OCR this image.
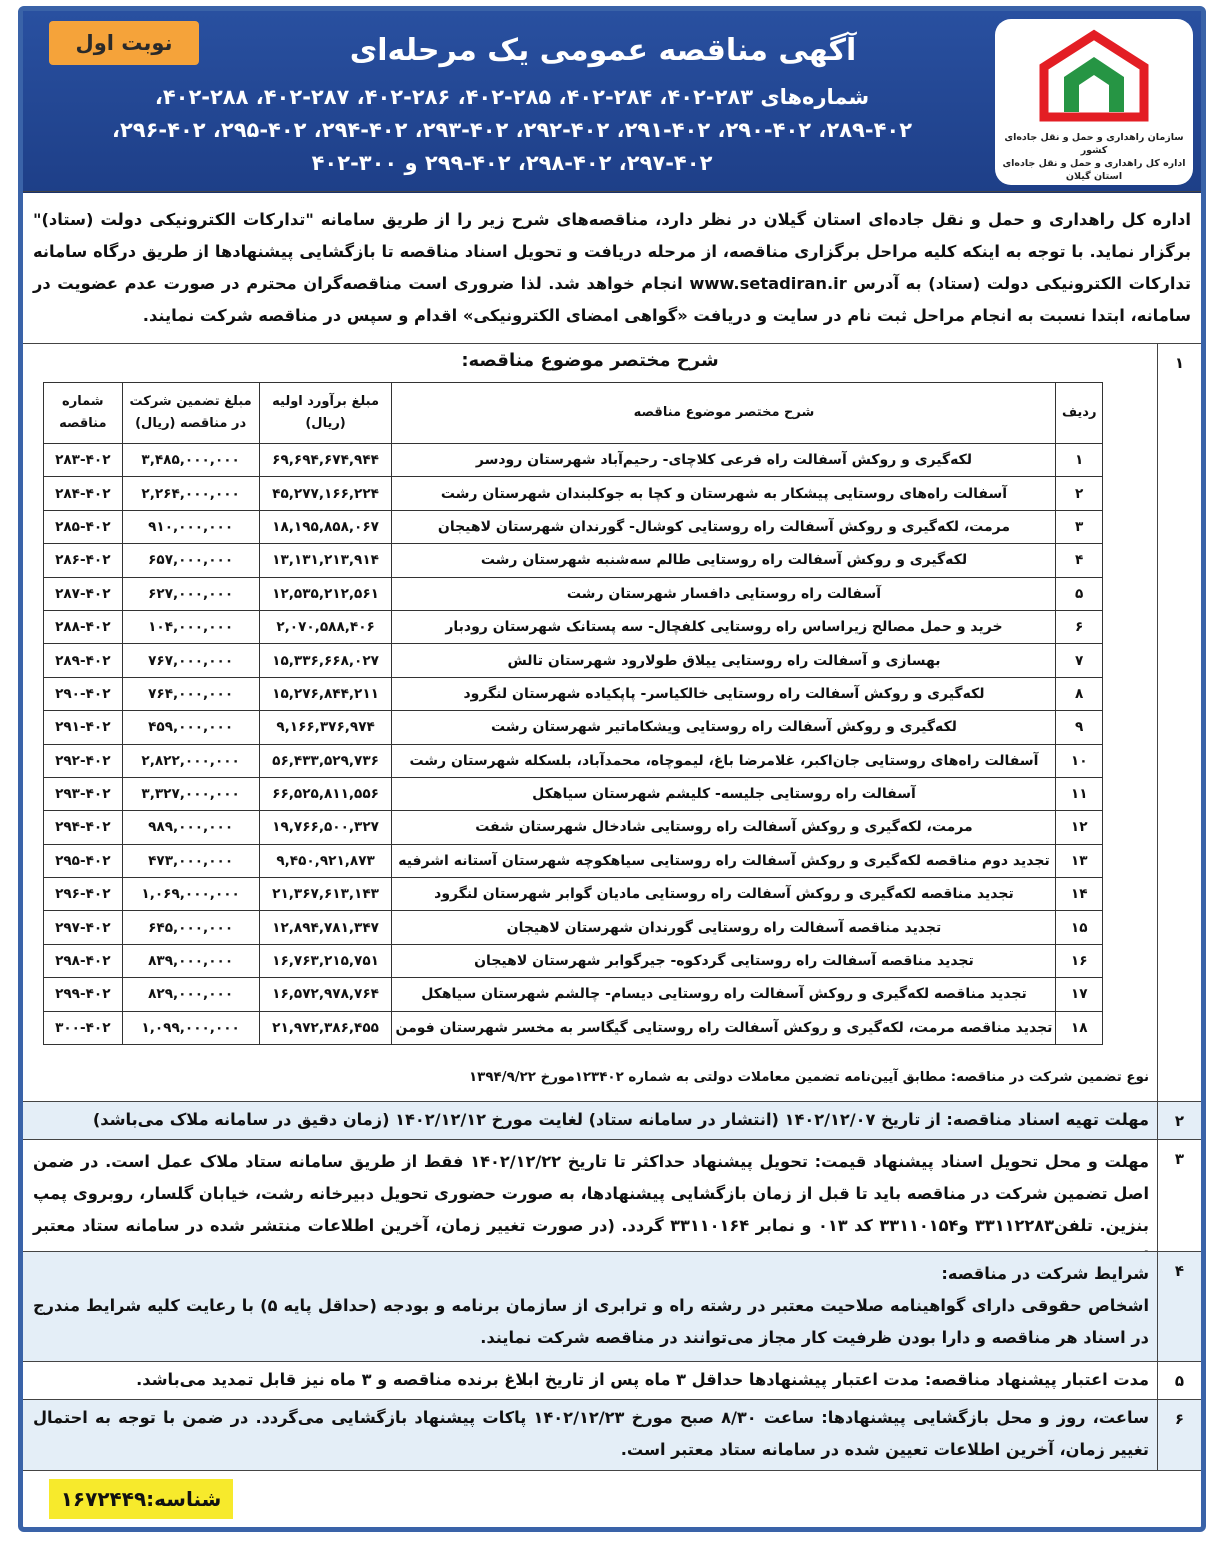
نوبت اول	آگهی مناقصه عمومی یک مرحله‌ای
شماره‌های ۲۸۳-۴۰۲، ۲۸۴-۴۰۲، ۲۸۵-۴۰۲، ۲۸۶-۴۰۲، ۲۸۷-۴۰۲، ۲۸۸-۴۰۲،
۲۸۹-۴۰۲، ۲۹۰-۴۰۲، ۲۹۱-۴۰۲، ۲۹۲-۴۰۲، ۲۹۳-۴۰۲، ۲۹۴-۴۰۲، ۲۹۵-۴۰۲، ۲۹۶-۴۰۲،
۲۹۷-۴۰۲، ۲۹۸-۴۰۲، ۲۹۹-۴۰۲ و ۳۰۰-۴۰۲
سازمان راهداری و حمل و نقل جاده‌ای کشور
اداره کل راهداری و حمل و نقل جاده‌ای
استان گیلان
اداره کل راهداری و حمل و نقل جاده‌ای استان گیلان در نظر دارد، مناقصه‌های شرح زیر را از طریق سامانه "تدارکات الکترونیکی دولت (ستاد)" برگزار نماید. با توجه به اینکه کلیه مراحل برگزاری مناقصه، از مرحله دریافت و تحویل اسناد مناقصه تا بازگشایی پیشنهادها از طریق درگاه سامانه تدارکات الکترونیکی دولت (ستاد) به آدرس www.setadiran.ir انجام خواهد شد. لذا ضروری است مناقصه‌گران محترم در صورت عدم عضویت در سامانه، ابتدا نسبت به انجام مراحل ثبت نام در سایت و دریافت «گواهی امضای الکترونیکی» اقدام و سپس در مناقصه شرکت نمایند.
۱
شرح مختصر موضوع مناقصه:
ردیف	شرح مختصر موضوع مناقصه	مبلغ برآورد اولیه (ریال)	مبلغ تضمین شرکت در مناقصه (ریال)	شماره مناقصه
۱	لکه‌گیری و روکش آسفالت راه فرعی کلاچای- رحیم‌آباد شهرستان رودسر	۶۹,۶۹۴,۶۷۴,۹۴۴	۳,۴۸۵,۰۰۰,۰۰۰	۲۸۳-۴۰۲
۲	آسفالت راه‌های روستایی پیشکار به شهرستان و کچا به جوکلبندان شهرستان رشت	۴۵,۲۷۷,۱۶۶,۲۲۴	۲,۲۶۴,۰۰۰,۰۰۰	۲۸۴-۴۰۲
۳	مرمت، لکه‌گیری و روکش آسفالت راه روستایی کوشال- گورندان شهرستان لاهیجان	۱۸,۱۹۵,۸۵۸,۰۶۷	۹۱۰,۰۰۰,۰۰۰	۲۸۵-۴۰۲
۴	لکه‌گیری و روکش آسفالت راه روستایی طالم سه‌شنبه شهرستان رشت	۱۳,۱۳۱,۲۱۳,۹۱۴	۶۵۷,۰۰۰,۰۰۰	۲۸۶-۴۰۲
۵	آسفالت راه روستایی دافسار شهرستان رشت	۱۲,۵۳۵,۲۱۲,۵۶۱	۶۲۷,۰۰۰,۰۰۰	۲۸۷-۴۰۲
۶	خرید و حمل مصالح زیراساس راه روستایی کلفچال- سه پستانک شهرستان رودبار	۲,۰۷۰,۵۸۸,۴۰۶	۱۰۴,۰۰۰,۰۰۰	۲۸۸-۴۰۲
۷	بهسازی و آسفالت راه روستایی ییلاق طولارود شهرستان تالش	۱۵,۳۳۶,۶۶۸,۰۲۷	۷۶۷,۰۰۰,۰۰۰	۲۸۹-۴۰۲
۸	لکه‌گیری و روکش آسفالت راه روستایی خالکیاسر- پاپکیاده شهرستان لنگرود	۱۵,۲۷۶,۸۴۴,۲۱۱	۷۶۴,۰۰۰,۰۰۰	۲۹۰-۴۰۲
۹	لکه‌گیری و روکش آسفالت راه روستایی ویشکاماتیر شهرستان رشت	۹,۱۶۶,۳۷۶,۹۷۴	۴۵۹,۰۰۰,۰۰۰	۲۹۱-۴۰۲
۱۰	آسفالت راه‌های روستایی جان‌اکبر، غلامرضا باغ، لیموچاه، محمدآباد، بلسکله شهرستان رشت	۵۶,۴۳۳,۵۲۹,۷۳۶	۲,۸۲۲,۰۰۰,۰۰۰	۲۹۲-۴۰۲
۱۱	آسفالت راه روستایی جلیسه- کلیشم شهرستان سیاهکل	۶۶,۵۲۵,۸۱۱,۵۵۶	۳,۳۲۷,۰۰۰,۰۰۰	۲۹۳-۴۰۲
۱۲	مرمت، لکه‌گیری و روکش آسفالت راه روستایی شادخال شهرستان شفت	۱۹,۷۶۶,۵۰۰,۳۲۷	۹۸۹,۰۰۰,۰۰۰	۲۹۴-۴۰۲
۱۳	تجدید دوم مناقصه لکه‌گیری و روکش آسفالت راه روستایی سیاهکوچه شهرستان آستانه اشرفیه	۹,۴۵۰,۹۲۱,۸۷۳	۴۷۳,۰۰۰,۰۰۰	۲۹۵-۴۰۲
۱۴	تجدید مناقصه لکه‌گیری و روکش آسفالت راه روستایی مادیان گوابر شهرستان لنگرود	۲۱,۳۶۷,۶۱۳,۱۴۳	۱,۰۶۹,۰۰۰,۰۰۰	۲۹۶-۴۰۲
۱۵	تجدید مناقصه آسفالت راه روستایی گورندان شهرستان لاهیجان	۱۲,۸۹۴,۷۸۱,۳۴۷	۶۴۵,۰۰۰,۰۰۰	۲۹۷-۴۰۲
۱۶	تجدید مناقصه آسفالت راه روستایی گردکوه- جیرگوابر شهرستان لاهیجان	۱۶,۷۶۳,۲۱۵,۷۵۱	۸۳۹,۰۰۰,۰۰۰	۲۹۸-۴۰۲
۱۷	تجدید مناقصه لکه‌گیری و روکش آسفالت راه روستایی دیسام- چالشم شهرستان سیاهکل	۱۶,۵۷۲,۹۷۸,۷۶۴	۸۲۹,۰۰۰,۰۰۰	۲۹۹-۴۰۲
۱۸	تجدید مناقصه مرمت، لکه‌گیری و روکش آسفالت راه روستایی گیگاسر به مخسر شهرستان فومن	۲۱,۹۷۲,۳۸۶,۴۵۵	۱,۰۹۹,۰۰۰,۰۰۰	۳۰۰-۴۰۲
نوع تضمین شرکت در مناقصه: مطابق آیین‌نامه تضمین معاملات دولتی به شماره ۱۲۳۴۰۲مورخ ۱۳۹۴/۹/۲۲
۲
مهلت تهیه اسناد مناقصه: از تاریخ ۱۴۰۲/۱۲/۰۷ (انتشار در سامانه ستاد) لغایت مورخ ۱۴۰۲/۱۲/۱۲ (زمان دقیق در سامانه ملاک می‌باشد)
۳
مهلت و محل تحویل اسناد پیشنهاد قیمت: تحویل پیشنهاد حداکثر تا تاریخ ۱۴۰۲/۱۲/۲۲ فقط از طریق سامانه ستاد ملاک عمل است. در ضمن اصل تضمین شرکت در مناقصه باید تا قبل از زمان بازگشایی پیشنهادها، به صورت حضوری تحویل دبیرخانه رشت، خیابان گلسار، روبروی پمپ بنزین. تلفن۳۳۱۱۲۲۸۳ و۳۳۱۱۰۱۵۴ کد ۰۱۳ و نمابر ۳۳۱۱۰۱۶۴ گردد. (در صورت تغییر زمان، آخرین اطلاعات منتشر شده در سامانه ستاد معتبر
۴
شرایط شرکت در مناقصه:
اشخاص حقوقی دارای گواهینامه صلاحیت معتبر در رشته راه و ترابری از سازمان برنامه و بودجه (حداقل پایه ۵) با رعایت کلیه شرایط مندرج در اسناد هر مناقصه و دارا بودن ظرفیت کار مجاز می‌توانند در مناقصه شرکت نمایند.
۵
مدت اعتبار پیشنهاد مناقصه: مدت اعتبار پیشنهادها حداقل ۳ ماه پس از تاریخ ابلاغ برنده مناقصه و ۳ ماه نیز قابل تمدید می‌باشد.
۶
ساعت، روز و محل بازگشایی پیشنهادها: ساعت ۸/۳۰ صبح مورخ ۱۴۰۲/۱۲/۲۳ پاکات پیشنهاد بازگشایی می‌گردد. در ضمن با توجه به احتمال تغییر زمان، آخرین اطلاعات تعیین شده در سامانه ستاد معتبر است.
شناسه:۱۶۷۲۴۴۹
